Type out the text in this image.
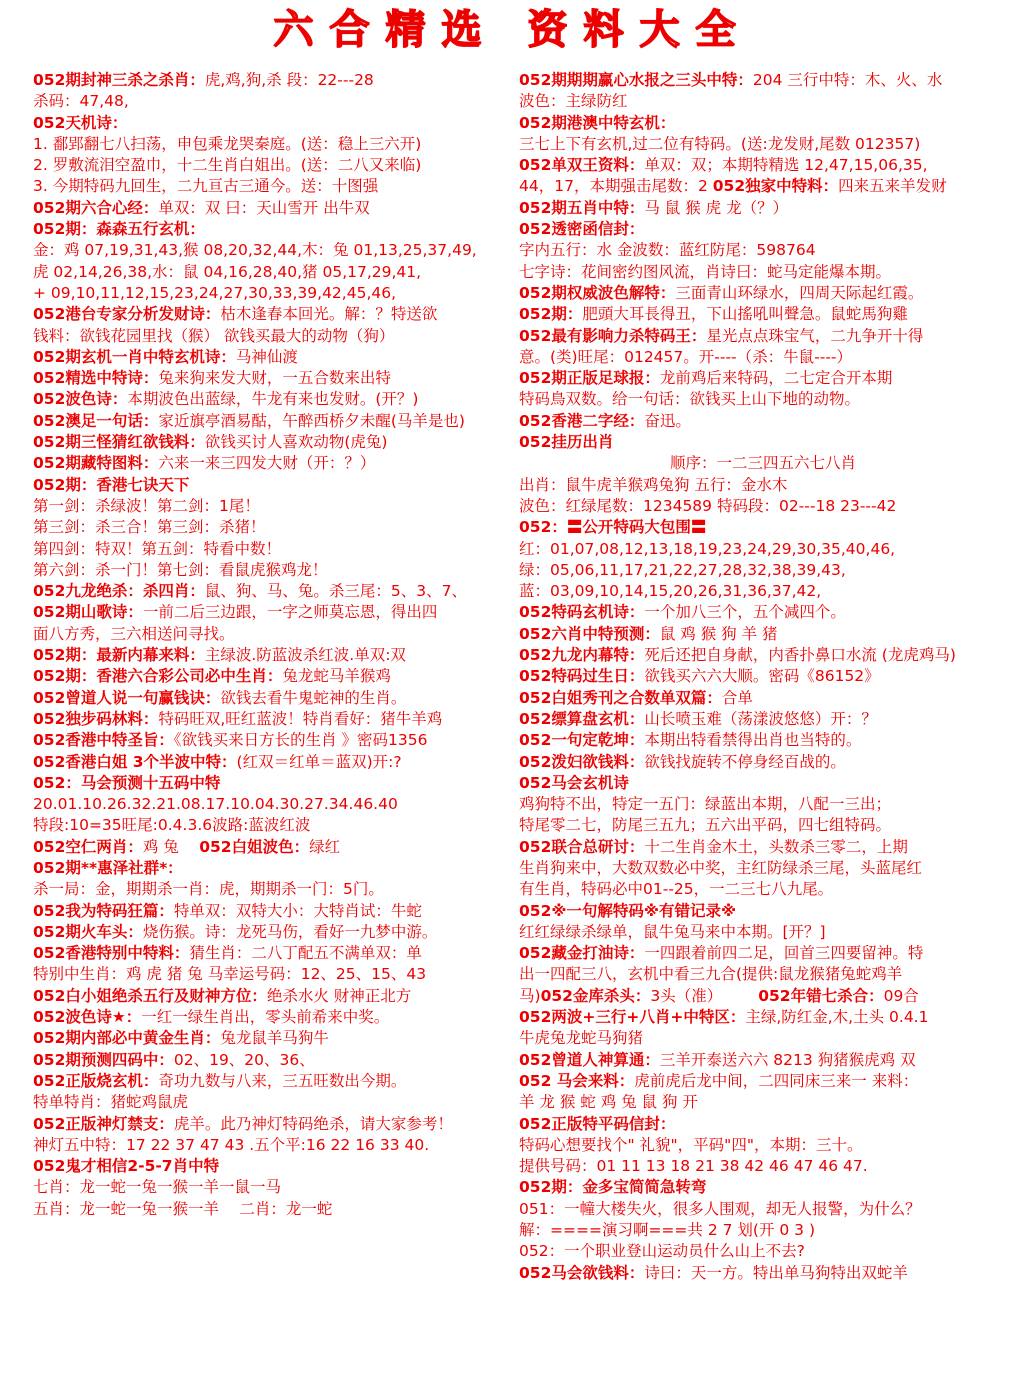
六合精选 资料大全
052期封神三杀之杀肖：虎,鸡,狗,杀 段：22---28
杀码：47,48,
052天机诗：
1. 鄱郢翻七八扫荡，申包乘龙哭秦庭。(送：稳上三六开)
2. 罗敷流泪空盈巾，十二生肖白姐出。(送：二八又来临)
3. 今期特码九回生，二九亘古三通今。送：十图强
052期六合心经：单双：双 曰：天山雪开 出牛双
052期：森森五行玄机：
金：鸡 07,19,31,43,猴 08,20,32,44,木：兔 01,13,25,37,49,
虎 02,14,26,38,水：鼠 04,16,28,40,猪 05,17,29,41,
+ 09,10,11,12,15,23,24,27,30,33,39,42,45,46,
052港台专家分析发财诗：枯木逢春本回光。解：？特送欲
钱料：欲钱花园里找（猴） 欲钱买最大的动物（狗）
052期玄机一肖中特玄机诗：马神仙渡
052精选中特诗：兔来狗来发大财，一五合数来出特
052波色诗：本期波色出蓝绿，牛龙有来也发财。(开？)
052澳足一句话：家近旗亭酒易酤，午醉西桥夕未醒(马羊是也)
052期三怪猜红欲钱料：欲钱买讨人喜欢动物(虎兔)
052期藏特图料：六来一来三四发大财（开：？）
052期：香港七诀天下
第一剑：杀绿波！第二剑：1尾！
第三剑：杀三合！第三剑：杀猪！
第四剑：特双！第五剑：特看中数！
第六剑：杀一门！第七剑：看鼠虎猴鸡龙！
052九龙绝杀：杀四肖：鼠、狗、马、兔。杀三尾：5、3、7、
052期山歌诗：一前二后三边跟，一字之师莫忘恩，得出四
面八方秀，三六相送问寻找。
052期：最新内幕来料：主绿波.防蓝波杀红波.单双:双
052期：香港六合彩公司必中生肖：兔龙蛇马羊猴鸡
052曾道人说一句赢钱诀：欲钱去看牛鬼蛇神的生肖。
052独步码林料：特码旺双,旺红蓝波！特肖看好：猪牛羊鸡
052香港中特圣旨：《欲钱买来日方长的生肖 》密码1356
052香港白姐 3个半波中特：(红双＝红单＝蓝双)开:?
052：马会预测十五码中特
20.01.10.26.32.21.08.17.10.04.30.27.34.46.40
特段:10=35旺尾:0.4.3.6波路:蓝波红波
052空仁两肖：鸡 兔 　052白姐波色：绿红
052期**惠泽社群*：
杀一局：金，期期杀一肖：虎，期期杀一门：5门。
052我为特码狂篇：特单双：双特大小：大特肖试：牛蛇
052期火车头：烧伤猴。诗：龙死马伤，看好一九梦中游。
052香港特别中特料：猜生肖：二八丁配五不满单双：单
特别中生肖：鸡 虎 猪 兔 马幸运号码：12、25、15、43
052白小姐绝杀五行及财神方位：绝杀水火 财神正北方
052波色诗★：一红一绿生肖出，零头前希来中奖。
052期内部必中黄金生肖：兔龙鼠羊马狗牛
052期预测四码中：02、19、20、36、
052正版烧玄机：奇功九数与八来，三五旺数出今期。
特单特肖：猪蛇鸡鼠虎
052正版神灯禁支：虎羊。此乃神灯特码绝杀，请大家参考！
神灯五中特：17 22 37 47 43 .五个平:16 22 16 33 40.
052鬼才相信2-5-7肖中特
七肖：龙一蛇一兔一猴一羊一鼠一马
五肖：龙一蛇一兔一猴一羊 　二肖：龙一蛇
052期期期赢心水报之三头中特：204 三行中特：木、火、水
波色：主绿防红
052期港澳中特玄机：
三七上下有玄机,过二位有特码。(送:龙发财,尾数 012357)
052单双王资料：单双：双；本期特精选 12,47,15,06,35,
44，17，本期强击尾数：2 052独家中特料：四来五来羊发财
052期五肖中特：马 鼠 猴 虎 龙（？）
052透密函信封：
字内五行：水 金波数：蓝红防尾：598764
七字诗：花间密约图风流，肖诗曰：蛇马定能爆本期。
052期权威波色解特：三面青山环绿水，四周天际起红霞。
052期：肥頭大耳長得丑，下山搖吼叫聲急。鼠蛇馬狗雞
052最有影响力杀特码王：星光点点珠宝气，二九争开十得
意。(类)旺尾：012457。开----（杀：牛鼠----）
052期正版足球报：龙前鸡后来特码，二七定合开本期
特码鳥双数。给一句话：欲钱买上山下地的动物。
052香港二字经：奋迅。
052挂历出肖
顺序：一二三四五六七八肖
出肖：鼠牛虎羊猴鸡兔狗 五行：金水木
波色：红绿尾数：1234589 特码段：02---18 23---42
052：〓公开特码大包围〓
红：01,07,08,12,13,18,19,23,24,29,30,35,40,46,
绿：05,06,11,17,21,22,27,28,32,38,39,43,
蓝：03,09,10,14,15,20,26,31,36,37,42,
052特码玄机诗：一个加八三个，五个减四个。
052六肖中特预测：鼠 鸡 猴 狗 羊 猪
052九龙内幕特：死后还把自身献，内香扑鼻口水流 (龙虎鸡马)
052特码过生日：欲钱买六六大顺。密码《86152》
052白姐秀刊之合数单双篇：合单
052缥算盘玄机：山长喷玉难（荡漾波悠悠）开：？
052一句定乾坤：本期出特看禁得出肖也当特的。
052泼妇欲钱料：欲钱找旋转不停身经百战的。
052马会玄机诗
鸡狗特不出，特定一五门：绿蓝出本期，八配一三出；
特尾零二七，防尾三五九；五六出平码，四七组特码。
052联合总研讨：十二生肖金木土，头数杀三零二，上期
生肖狗来中，大数双数必中奖，主红防绿杀三尾，头蓝尾红
有生肖，特码必中01--25，一二三七八九尾。
052※一句解特码※有错记录※
红红绿绿杀绿单，鼠牛兔马来中本期。[开？]
052藏金打油诗：一四跟着前四二足，回首三四要留神。特
出一四配三八，玄机中看三九合(提供:鼠龙猴猪兔蛇鸡羊
马)052金库杀头：3头（准） 　　052年错七杀合：09合
052两波+三行+八肖+中特区：主绿,防红金,木,土头 0.4.1
牛虎兔龙蛇马狗猪
052曾道人神算通：三羊开泰送六六 8213 狗猪猴虎鸡 双
052 马会来料：虎前虎后龙中间，二四同床三来一 来料：
羊 龙 猴 蛇 鸡 兔 鼠 狗 开
052正版特平码信封：
特码心想要找个" 礼貌"，平码"四"，本期：三十。
提供号码：01 11 13 18 21 38 42 46 47 46 47.
052期：金多宝简简急转弯
051：一幢大楼失火，很多人围观，却无人报警，为什么？
解：====演习啊===共 2 7 划(开 0 3 )
052：一个职业登山运动员什么山上不去?
052马会欲钱料：诗曰：天一方。特出单马狗特出双蛇羊
